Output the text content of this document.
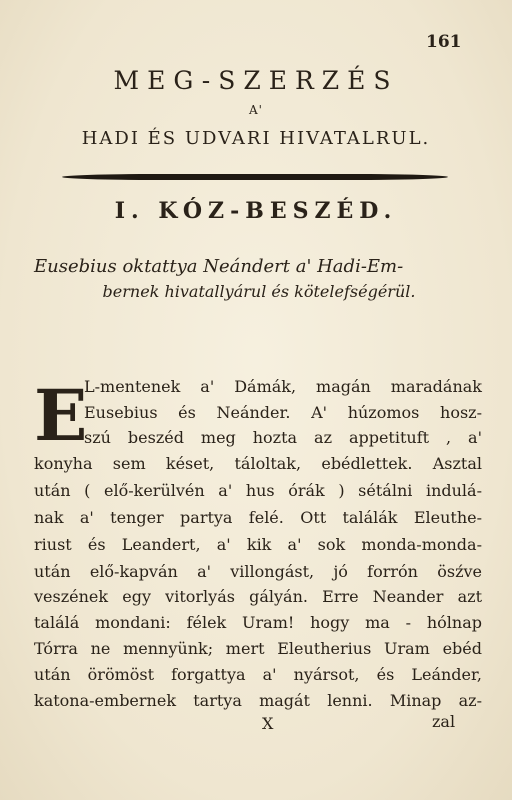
161
MEG-SZERZÉS
A'
HADI ÉS UDVARI HIVATALRUL.
I. KÓZ-BESZÉD.
Eusebius oktattya Neándert a' Hadi-Em-
bernek hivatallyárul és kötelefségérül.
E
L-mentenek a' Dámák, magán maradának
Eusebius és Neánder. A' húzomos hosz-
szú beszéd meg hozta az appetituft , a'
konyha sem késet, táloltak, ebédlettek. Asztal
után ( elő-kerülvén a' hus órák ) sétálni indulá-
nak a' tenger partya felé. Ott találák Eleuthe-
riust és Leandert, a' kik a' sok monda-monda-
után elő-kapván a' villongást, jó forrón ösźve
veszének egy vitorlyás gályán. Erre Neander azt
találá mondani: félek Uram! hogy ma - hólnap
Tórra ne mennyünk; mert Eleutherius Uram ebéd
után örömöst forgattya a' nyársot, és Leánder,
katona-embernek tartya magát lenni. Minap az-
X	zal
